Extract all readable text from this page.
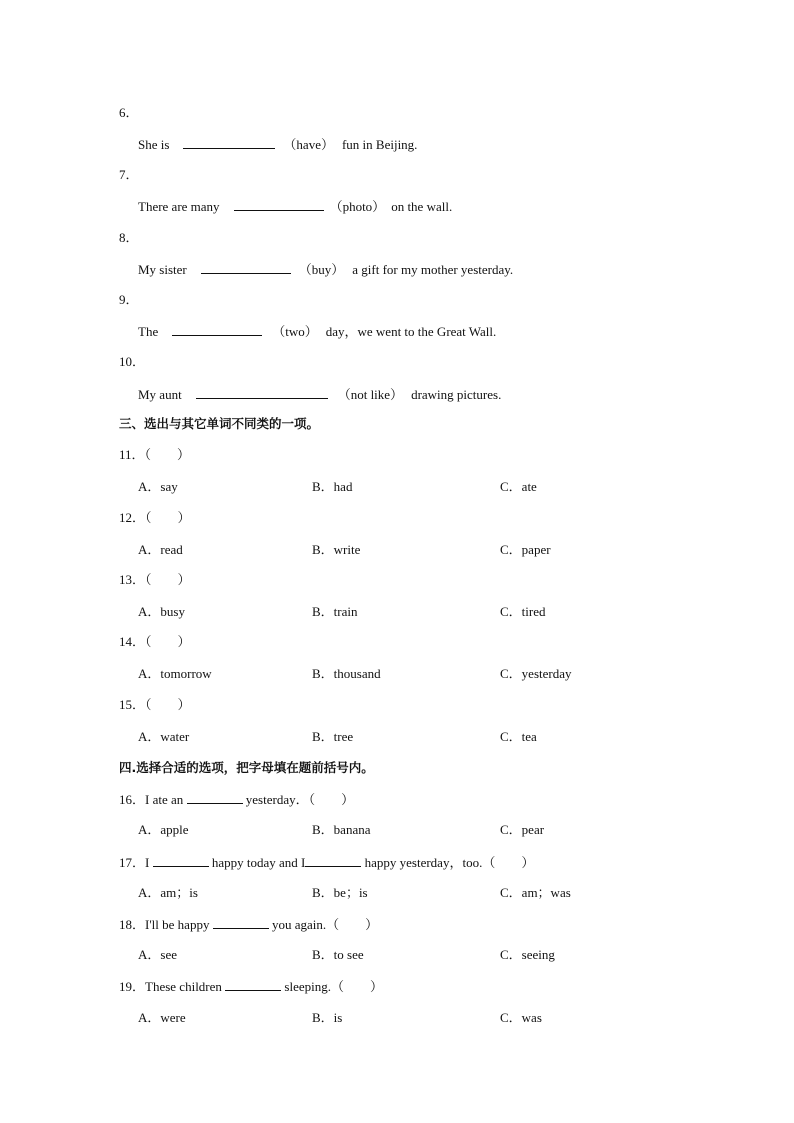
6．
She is	（have） fun in Beijing.
7．
There are many	（photo） on the wall.
8．
My sister	（buy） a gift for my mother yesterday.
9．
The	（two） day，we went to the Great Wall.
10．
My aunt	（not like） drawing pictures.
三、选出与其它单词不同类的一项。
11．（　　）
A．say	B．had	C．ate
12．（　　）
A．read	B．write	C．paper
13．（　　）
A．busy	B．train	C．tired
14．（　　）
A．tomorrow	B．thousand	C．yesterday
15．（　　）
A．water	B．tree	C．tea
四.选择合适的选项，把字母填在题前括号内。
16．I ate an	yesterday．（　　）
A．apple	B．banana	C．pear
17．I	happy today and I	happy yesterday，too.（　　）
A．am；is	B．be；is	C．am；was
18．I'll be happy	you again.（　　）
A．see	B．to see	C．seeing
19．These children	sleeping.（　　）
A．were	B．is	C．was
